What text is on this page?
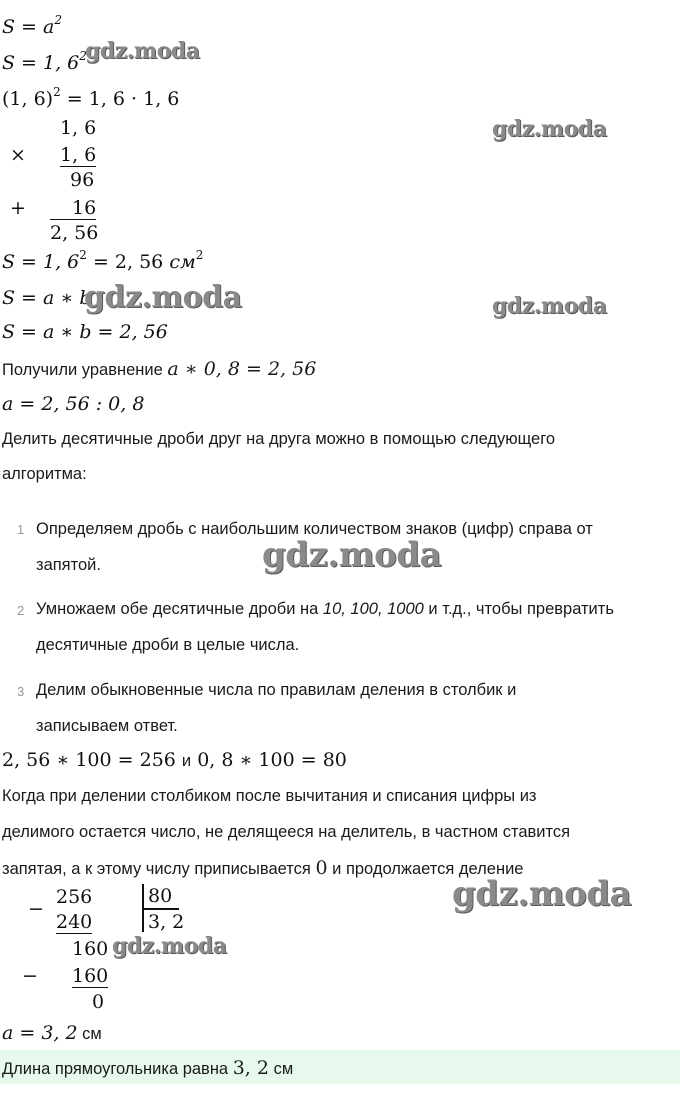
$S = a^2$
S = 1, $6^2$
(1, 6)$^2$ = 1, 6 · 1, 6
1, 6
× 1, 6
96
+	16
2, 56
S = 1, $6^2 = 2$, 56 $см^2$
S = a ∗ b
S = a ∗ b = 2, 56
Получили уравнение a ∗ 0, 8 = 2, 56
a = 2, 56 : 0, 8
Делить десятичные дроби друг на друга можно в помощью следующего
алгоритма:
1 Определяем дробь с наибольшим количеством знаков (цифр) справа от
запятой.
2 Умножаем обе десятичные дроби на 10, 100, 1000 и т.д., чтобы превратить
десятичные дроби в целые числа.
3 Делим обыкновенные числа по правилам деления в столбик и
записываем ответ.
2, 56 ∗ 100 = 256 и 0, 8 ∗ 100 = 80
Когда при делении столбиком после вычитания и списания цифры из
делимого остается число, не делящееся на делитель, в частном ставится
запятая, а к этому числу приписывается 0 и продолжается деление
−
256
240
160
− 160
0
80
3, 2
a = 3, 2 см
Длина прямоугольника равна 3, 2 см
gdz.moda
gdz.moda
gdz.moda	gdz.moda
gdz.moda
gdz.moda
gdz.moda
